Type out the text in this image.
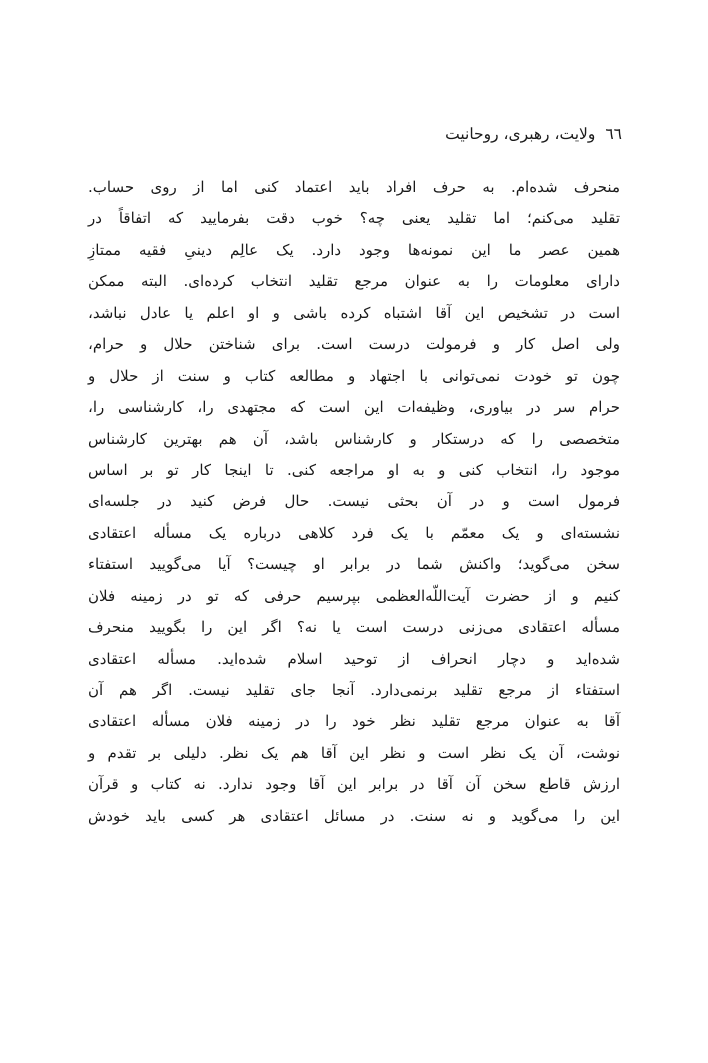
٦٦ولایت، رهبری، روحانیت
منحرف شده‌ام. به حرف افراد باید اعتماد کنی اما از روی حساب.
تقلید می‌کنم؛ اما تقلید یعنی چه؟ خوب دقت بفرمایید که اتفاقاً در
همین عصر ما این نمونه‌ها وجود دارد. یک عالِم دینیِ فقیه ممتازِ
دارای معلومات را به عنوان مرجع تقلید انتخاب کرده‌ای. البته ممکن
است در تشخیص این آقا اشتباه کرده باشی و او اعلم یا عادل نباشد،
ولی اصل کار و فرمولت درست است. برای شناختن حلال و حرام،
چون تو خودت نمی‌توانی با اجتهاد و مطالعه کتاب و سنت از حلال و
حرام سر در بیاوری، وظیفه‌ات این است که مجتهدی را، کارشناسی را،
متخصصی را که درستکار و کارشناس باشد، آن هم بهترین کارشناس
موجود را، انتخاب کنی و به او مراجعه کنی. تا اینجا کار تو بر اساس
فرمول است و در آن بحثی نیست. حال فرض کنید در جلسه‌ای
نشسته‌ای و یک معمّم با یک فرد کلاهی درباره یک مسأله اعتقادی
سخن می‌گوید؛ واکنش شما در برابر او چیست؟ آیا می‌گویید استفتاء
کنیم و از حضرت آیت‌اللّه‌العظمی بپرسیم حرفی که تو در زمینه فلان
مسأله اعتقادی می‌زنی درست است یا نه؟ اگر این را بگویید منحرف
شده‌اید و دچار انحراف از توحید اسلام شده‌اید. مسأله اعتقادی
استفتاء از مرجع تقلید برنمی‌دارد. آنجا جای تقلید نیست. اگر هم آن
آقا به عنوان مرجع تقلید نظر خود را در زمینه فلان مسأله اعتقادی
نوشت، آن یک نظر است و نظر این آقا هم یک نظر. دلیلی بر تقدم و
ارزش قاطع سخن آن آقا در برابر این آقا وجود ندارد. نه کتاب و قرآن
این را می‌گوید و نه سنت. در مسائل اعتقادی هر کسی باید خودش
